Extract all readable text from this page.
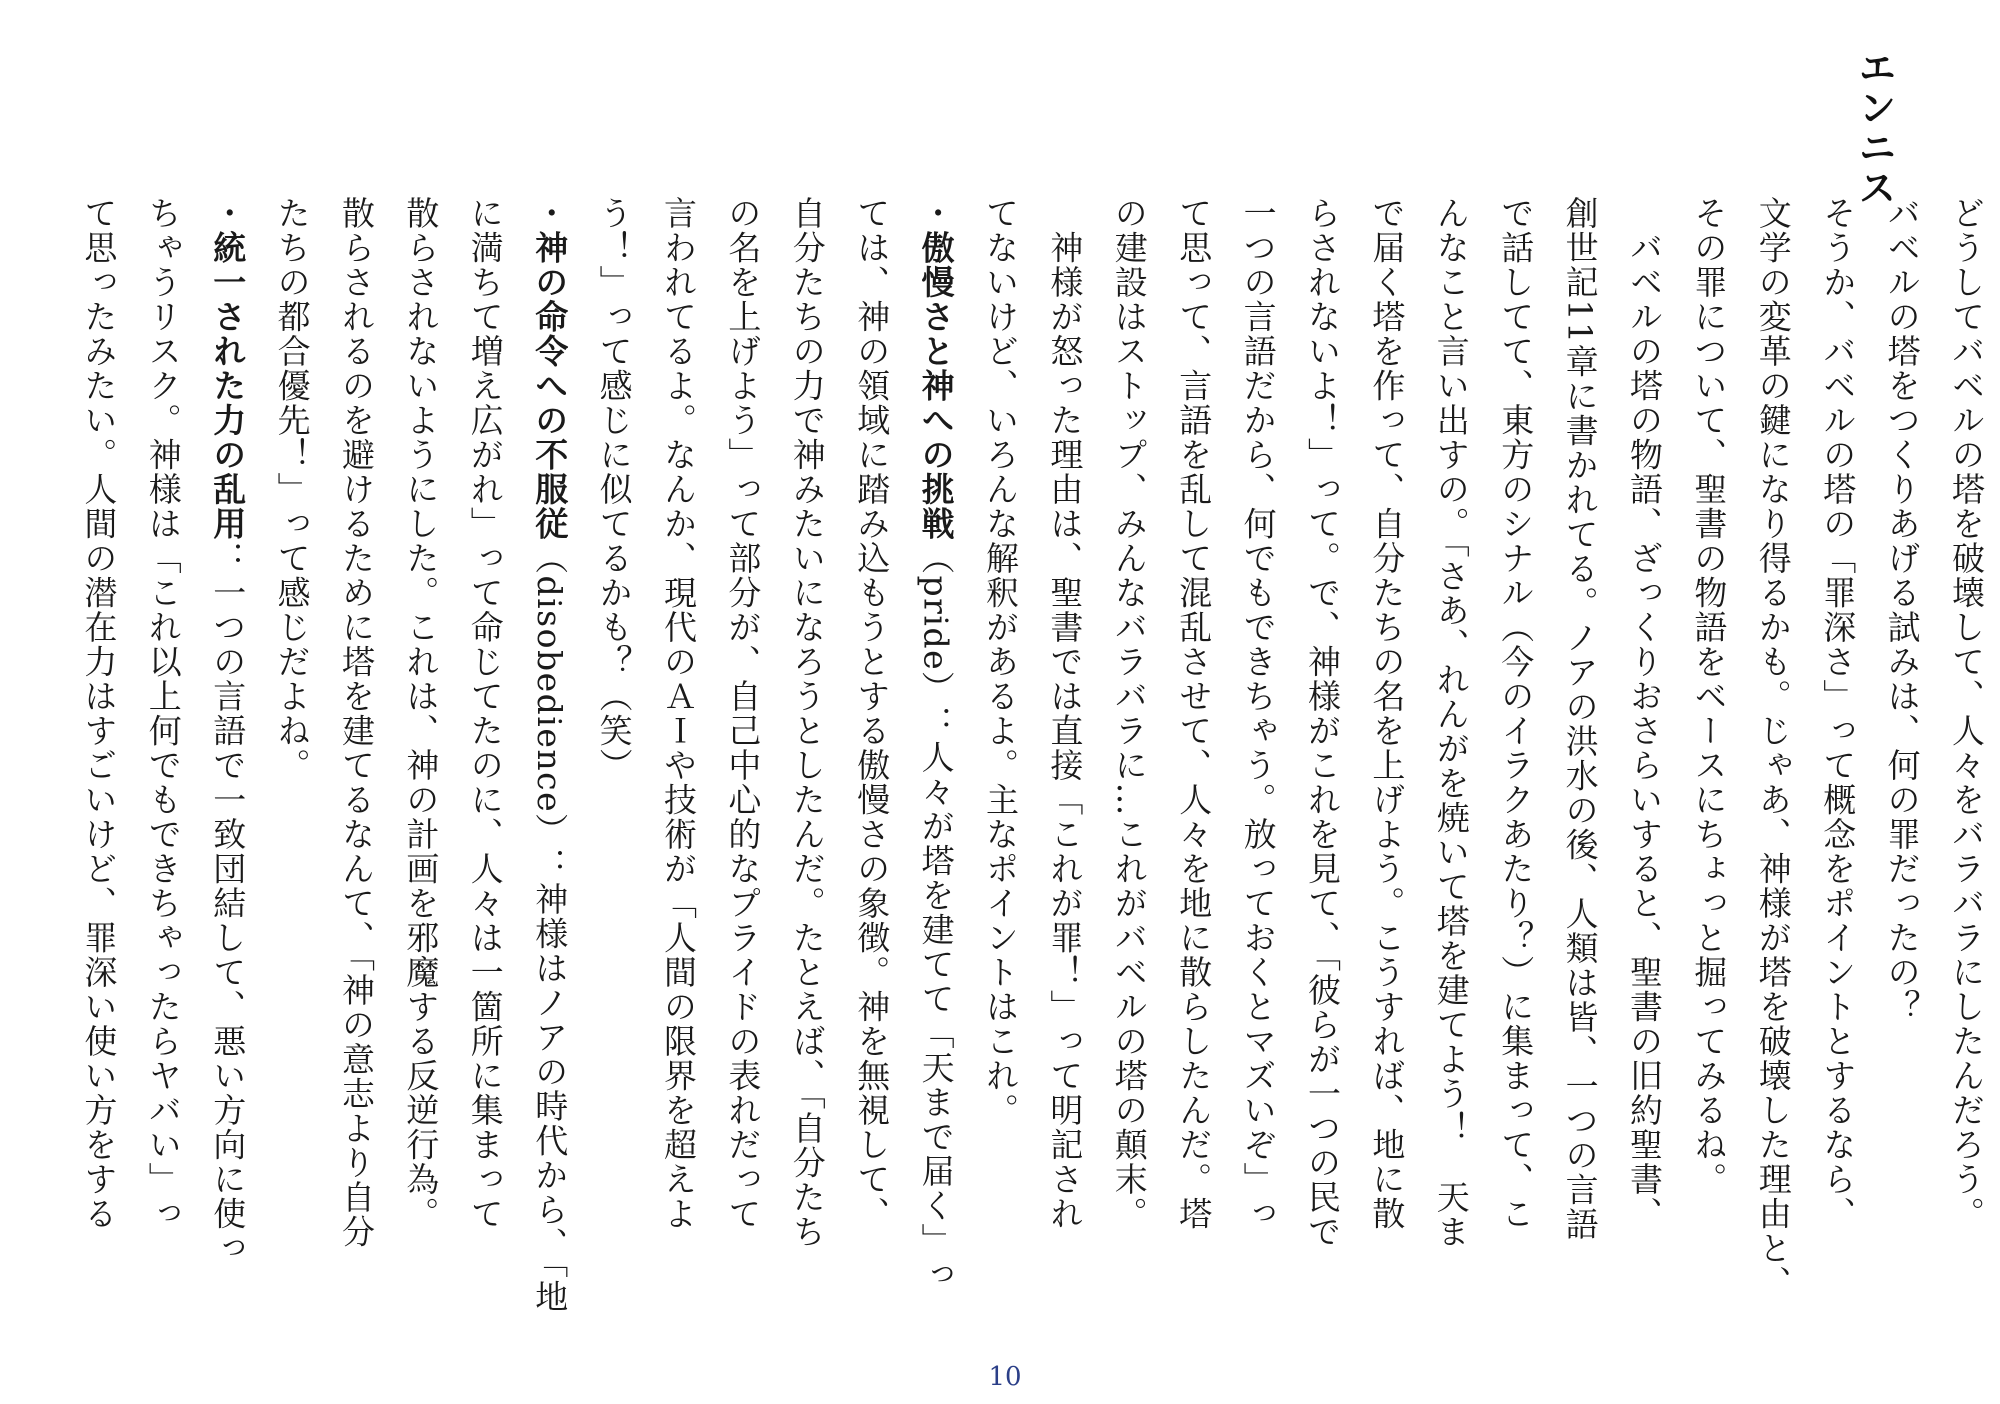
エンニス
どうしてバベルの塔を破壊して、人々をバラバラにしたんだろう。
バベルの塔をつくりあげる試みは、何の罪だったの？
そうか、バベルの塔の「罪深さ」って概念をポイントとするなら、
文学の変革の鍵になり得るかも。じゃあ、神様が塔を破壊した理由と、
その罪について、聖書の物語をベースにちょっと掘ってみるね。
　バベルの塔の物語、ざっくりおさらいすると、聖書の旧約聖書、
創世記11章に書かれてる。ノアの洪水の後、人類は皆、一つの言語
で話してて、東方のシナル（今のイラクあたり？）に集まって、こ
んなこと言い出すの。「さあ、れんがを焼いて塔を建てよう！　天ま
で届く塔を作って、自分たちの名を上げよう。こうすれば、地に散
らされないよ！」って。で、神様がこれを見て、「彼らが一つの民で
一つの言語だから、何でもできちゃう。放っておくとマズいぞ」っ
て思って、言語を乱して混乱させて、人々を地に散らしたんだ。塔
の建設はストップ、みんなバラバラに…これがバベルの塔の顛末。
　神様が怒った理由は、聖書では直接「これが罪！」って明記され
てないけど、いろんな解釈があるよ。主なポイントはこれ。
・傲慢さと神への挑戦（pride）：人々が塔を建てて「天まで届く」っ
ては、神の領域に踏み込もうとする傲慢さの象徴。神を無視して、
自分たちの力で神みたいになろうとしたんだ。たとえば、「自分たち
の名を上げよう」って部分が、自己中心的なプライドの表れだって
言われてるよ。なんか、現代のＡＩや技術が「人間の限界を超えよ
う！」って感じに似てるかも？（笑）
・神の命令への不服従（disobedience）：神様はノアの時代から、「地
に満ちて増え広がれ」って命じてたのに、人々は一箇所に集まって
散らされないようにした。これは、神の計画を邪魔する反逆行為。
散らされるのを避けるために塔を建てるなんて、「神の意志より自分
たちの都合優先！」って感じだよね。
・統一された力の乱用：一つの言語で一致団結して、悪い方向に使っ
ちゃうリスク。神様は「これ以上何でもできちゃったらヤバい」っ
て思ったみたい。人間の潜在力はすごいけど、罪深い使い方をする
10
